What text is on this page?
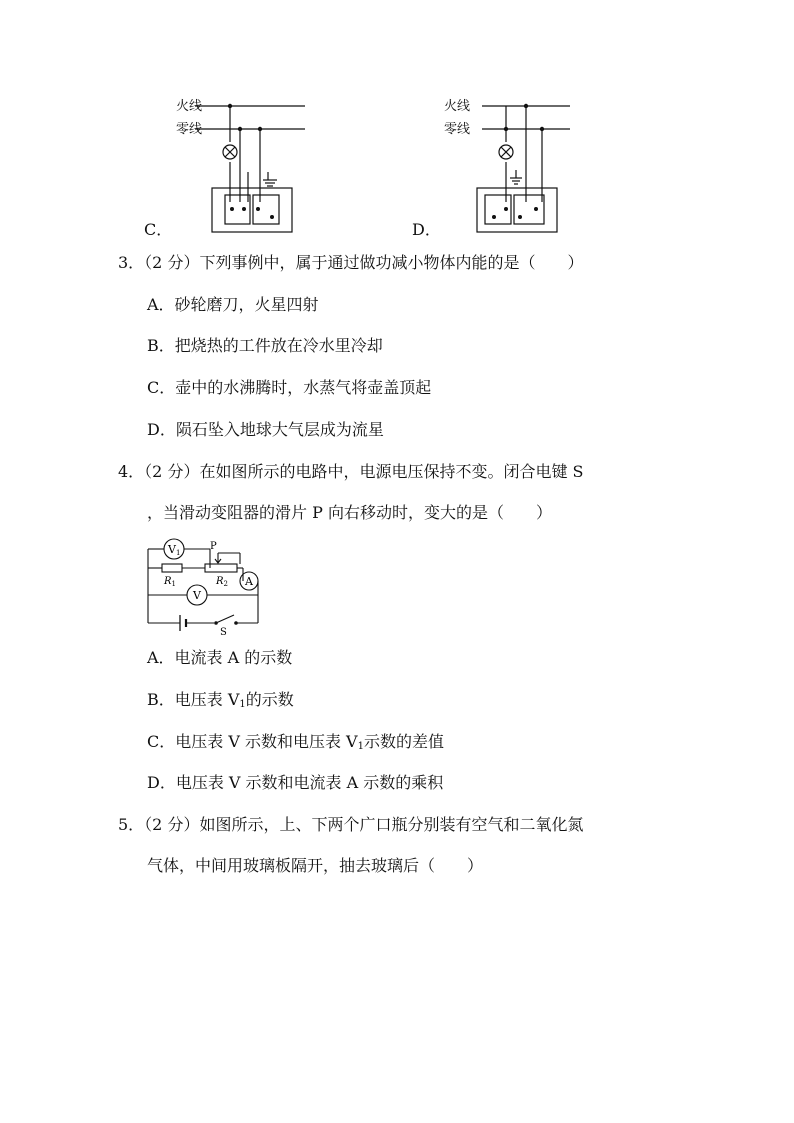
火线
零线
C．
火线
零线
D．
3．（2 分）下列事例中，属于通过做功减小物体内能的是（　　）
A．砂轮磨刀，火星四射
B．把烧热的工件放在冷水里冷却
C．壶中的水沸腾时，水蒸气将壶盖顶起
D．陨石坠入地球大气层成为流星
4．（2 分）在如图所示的电路中，电源电压保持不变。闭合电键 S
，当滑动变阻器的滑片 P 向右移动时，变大的是（　　）
V1
P
$R_1$	$R_2$ A
V
S
A．电流表 A 的示数
B．电压表 $V_1$的示数
C．电压表 V 示数和电压表 $V_1$示数的差值
D．电压表 V 示数和电流表 A 示数的乘积
5．（2 分）如图所示，上、下两个广口瓶分别装有空气和二氧化氮
气体，中间用玻璃板隔开，抽去玻璃后（　　）
